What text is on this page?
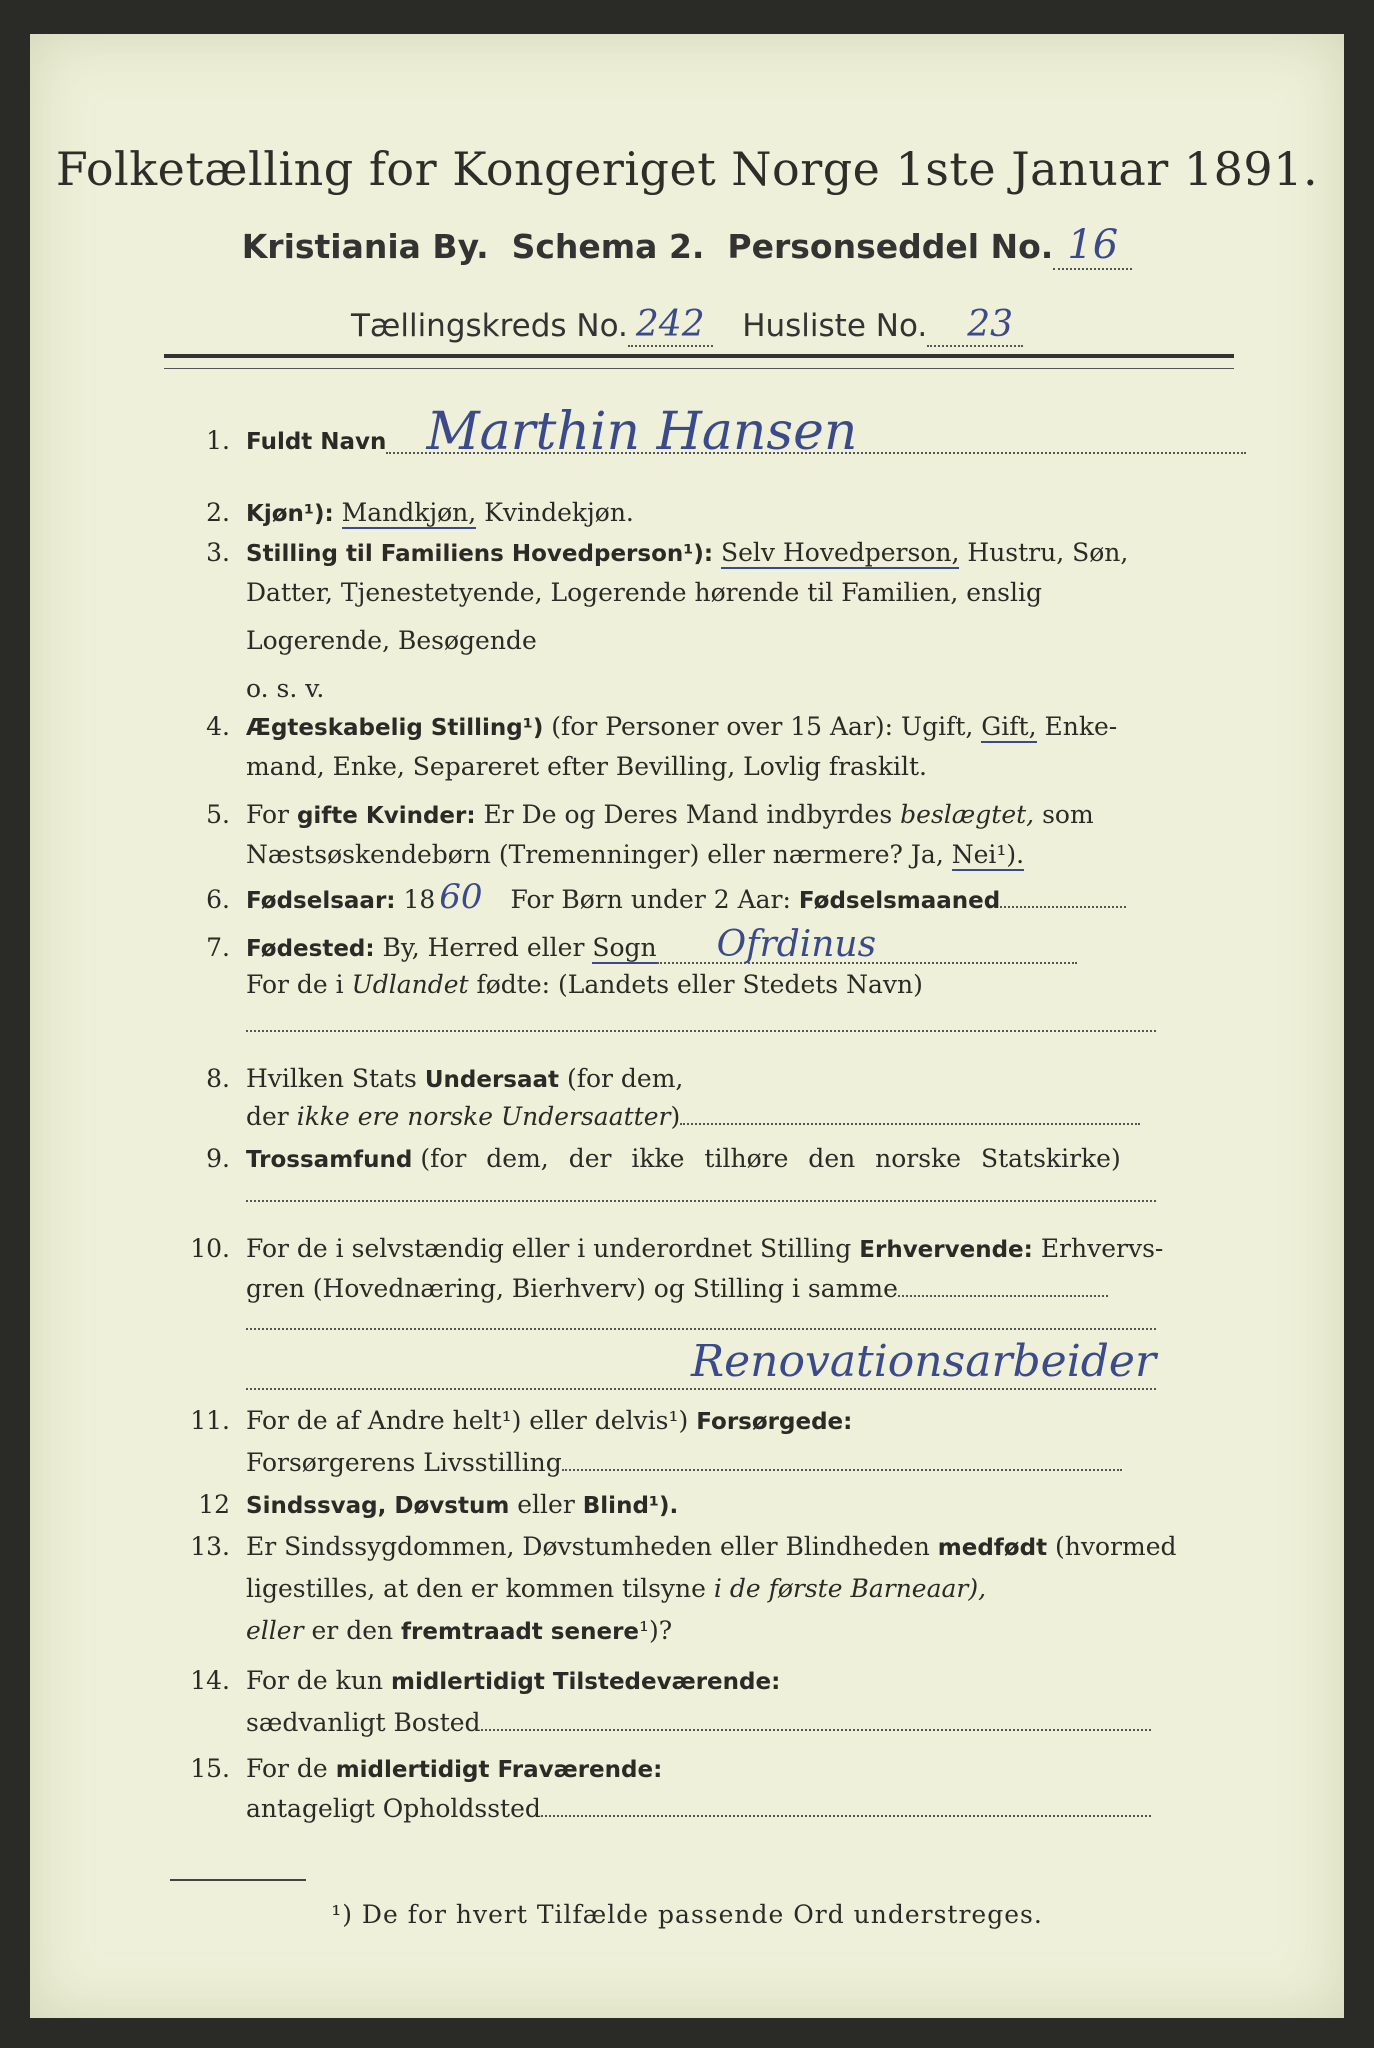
Folketælling for Kongeriget Norge 1ste Januar 1891.
Kristiania By. Schema 2. Personseddel No. 16
Tællingskreds No. 242 Husliste No. 23
1. Fuldt Navn Marthin Hansen
2. Kjøn¹): Mandkjøn, Kvindekjøn.
3. Stilling til Familiens Hovedperson¹): Selv Hovedperson, Hustru, Søn,
Datter, Tjenestetyende, Logerende hørende til Familien, enslig
Logerende, Besøgende
o. s. v.
4. Ægteskabelig Stilling¹) (for Personer over 15 Aar): Ugift, Gift, Enke-
mand, Enke, Separeret efter Bevilling, Lovlig fraskilt.
5. For gifte Kvinder: Er De og Deres Mand indbyrdes beslægtet, som
Næstsøskendebørn (Tremenninger) eller nærmere? Ja, Nei¹).
6. Fødselsaar: 18 60 For Børn under 2 Aar: Fødselsmaaned
7. Fødested: By, Herred eller Sogn Ofrdinus
For de i Udlandet fødte: (Landets eller Stedets Navn)
8. Hvilken Stats Undersaat (for dem,
der ikke ere norske Undersaatter)
9. Trossamfund (for dem, der ikke tilhøre den norske Statskirke)
10. For de i selvstændig eller i underordnet Stilling Erhvervende: Erhvervs-
gren (Hovednæring, Bierhverv) og Stilling i samme
Renovationsarbeider
11. For de af Andre helt¹) eller delvis¹) Forsørgede:
Forsørgerens Livsstilling
12 Sindssvag, Døvstum eller Blind¹).
13. Er Sindssygdommen, Døvstumheden eller Blindheden medfødt (hvormed
ligestilles, at den er kommen tilsyne i de første Barneaar),
eller er den fremtraadt senere¹)?
14. For de kun midlertidigt Tilstedeværende:
sædvanligt Bosted
15. For de midlertidigt Fraværende:
antageligt Opholdssted
¹) De for hvert Tilfælde passende Ord understreges.
